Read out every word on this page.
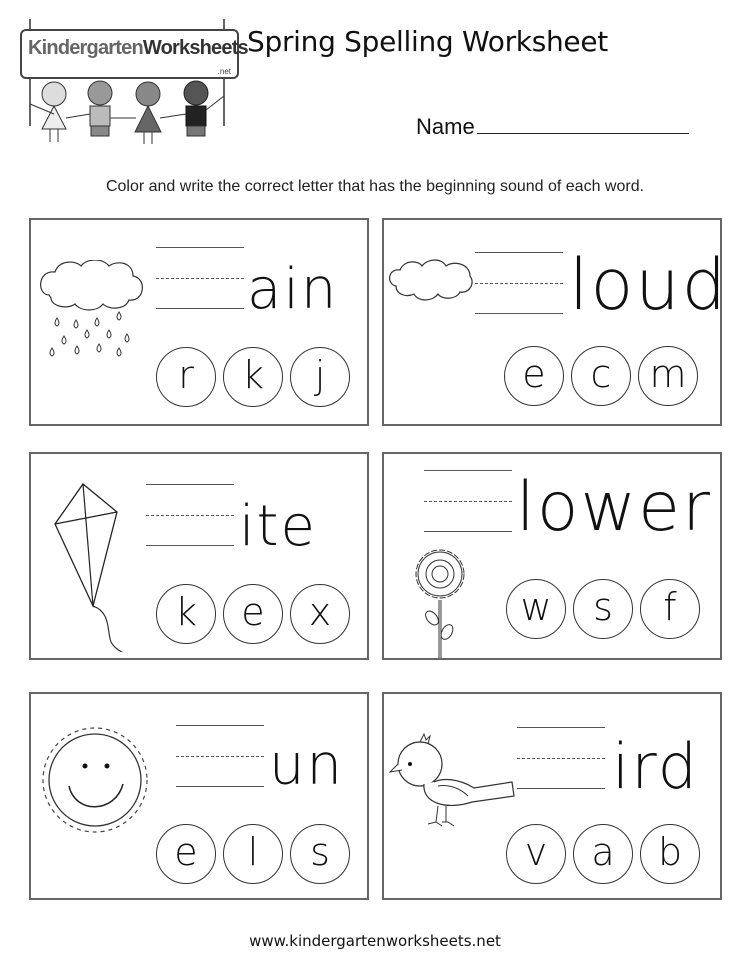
KindergartenWorksheets
.net
Spring Spelling Worksheet
Name
Color and write the correct letter that has the beginning sound of each word.
ain
r	k	j
loud
e	c	m
ite
k	e	x
lower
w	s	f
un
e	l	s
ird
v	a	b
www.kindergartenworksheets.net
